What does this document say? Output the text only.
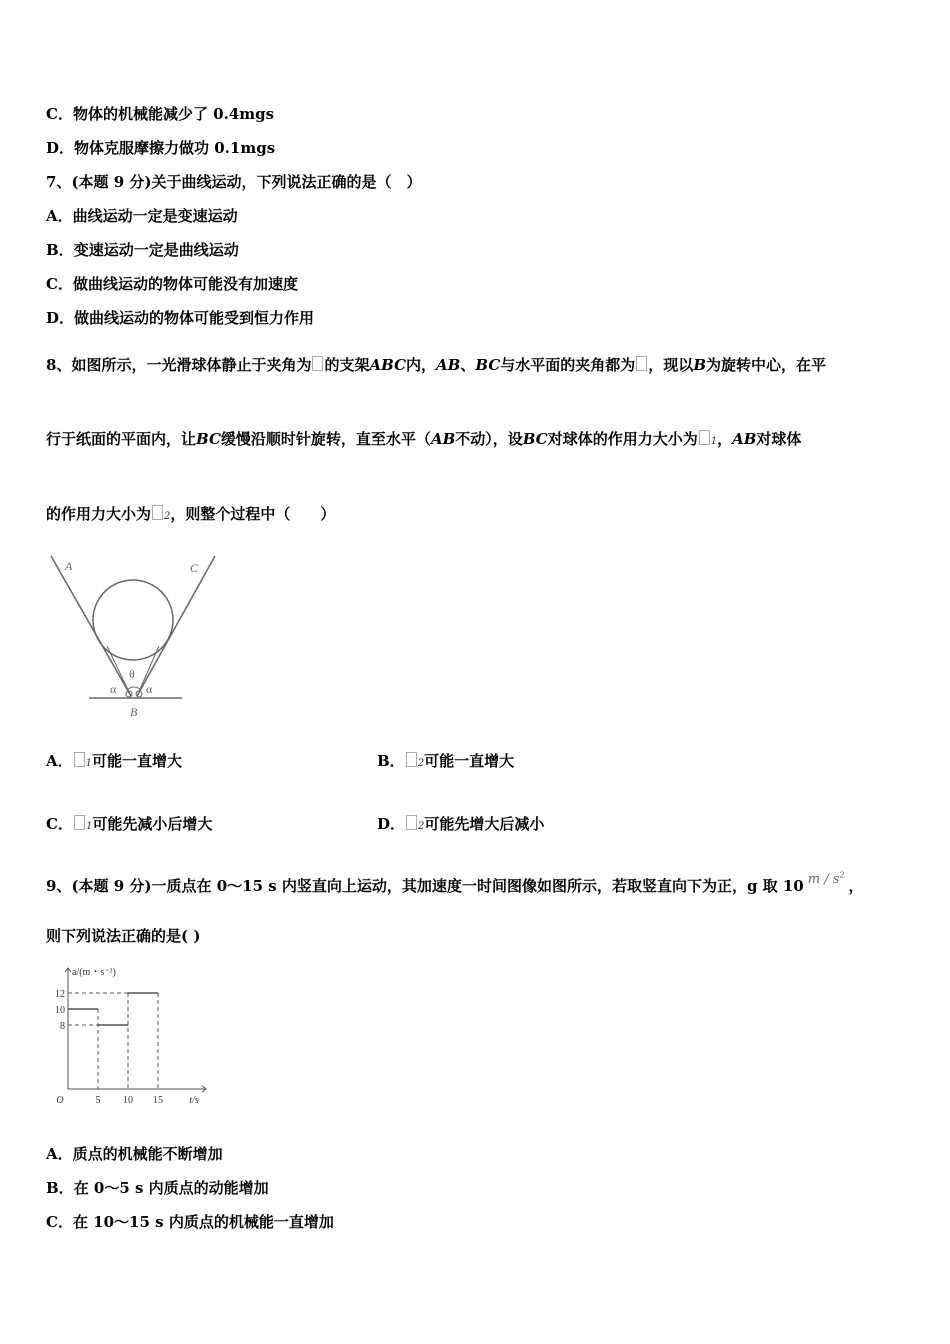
C．物体的机械能减少了 0.4mgs
D．物体克服摩擦力做功 0.1mgs
7、(本题 9 分)关于曲线运动，下列说法正确的是（　）
A．曲线运动一定是变速运动
B．变速运动一定是曲线运动
C．做曲线运动的物体可能没有加速度
D．做曲线运动的物体可能受到恒力作用
8、如图所示，一光滑球体静止于夹角为 的支架ABC内，AB、BC与水平面的夹角都为 ，现以B为旋转中心，在平
行于纸面的平面内，让BC缓慢沿顺时针旋转，直至水平（AB不动），设BC对球体的作用力大小为 1，AB对球体
的作用力大小为 2，则整个过程中（　　）
A	C
B
θ
α α
A． 1可能一直增大	B． 2可能一直增大
C． 1可能先减小后增大	D． 2可能先增大后减小
9、(本题 9 分)一质点在 0～15 s 内竖直向上运动，其加速度一时间图像如图所示，若取竖直向下为正，g 取 10 m / $s^2$，
则下列说法正确的是( )
12
10
8
5 10 15
O
a/(m・s⁻²)
t/s
A．质点的机械能不断增加
B．在 0～5 s 内质点的动能增加
C．在 10～15 s 内质点的机械能一直增加
